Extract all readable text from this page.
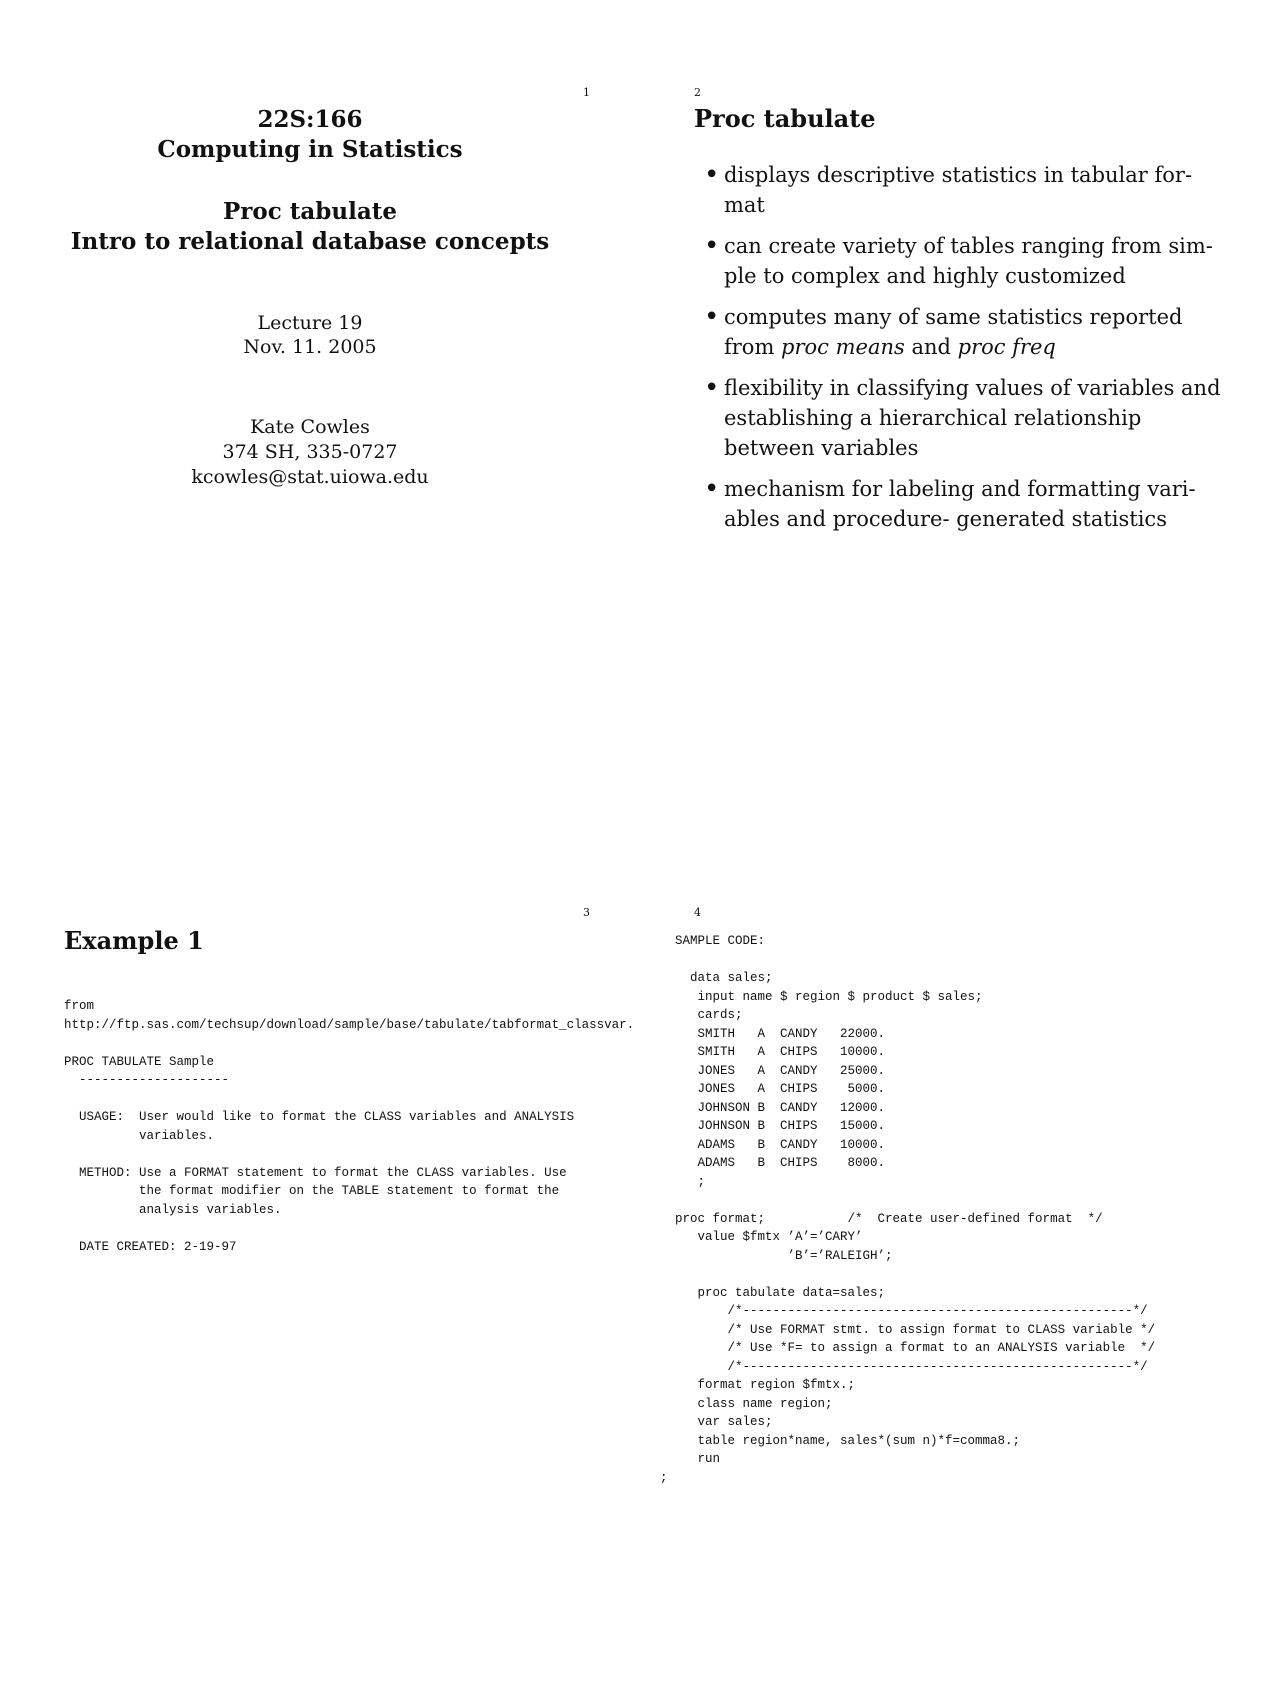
1
22S:166
Computing in Statistics
Proc tabulate
Intro to relational database concepts
Lecture 19
Nov. 11. 2005
Kate Cowles
374 SH, 335-0727
kcowles@stat.uiowa.edu
2
Proc tabulate
• displays descriptive statistics in tabular for-mat
• can create variety of tables ranging from sim-ple to complex and highly customized
• computes many of same statistics reported from proc means and proc freq
• flexibility in classifying values of variables and establishing a hierarchical relationship between variables
• mechanism for labeling and formatting vari-ables and procedure- generated statistics
3
Example 1
from
http://ftp.sas.com/techsup/download/sample/base/tabulate/tabformat_classvar.

PROC TABULATE Sample
--------------------

USAGE:  User would like to format the CLASS variables and ANALYSIS
variables.

METHOD: Use a FORMAT statement to format the CLASS variables. Use
the format modifier on the TABLE statement to format the
analysis variables.

DATE CREATED: 2-19-97
4
SAMPLE CODE:

data sales;
input name $ region $ product $ sales;
cards;
SMITH   A  CANDY   22000.
SMITH   A  CHIPS   10000.
JONES   A  CANDY   25000.
JONES   A  CHIPS    5000.
JOHNSON B  CANDY   12000.
JOHNSON B  CHIPS   15000.
ADAMS   B  CANDY   10000.
ADAMS   B  CHIPS    8000.
;

proc format;           /*  Create user-defined format  */
value $fmtx ’A’=’CARY’
’B’=’RALEIGH’;

proc tabulate data=sales;
/*----------------------------------------------------*/
/* Use FORMAT stmt. to assign format to CLASS variable */
/* Use *F= to assign a format to an ANALYSIS variable  */
/*----------------------------------------------------*/
format region $fmtx.;
class name region;
var sales;
table region*name, sales*(sum n)*f=comma8.;
run
;
